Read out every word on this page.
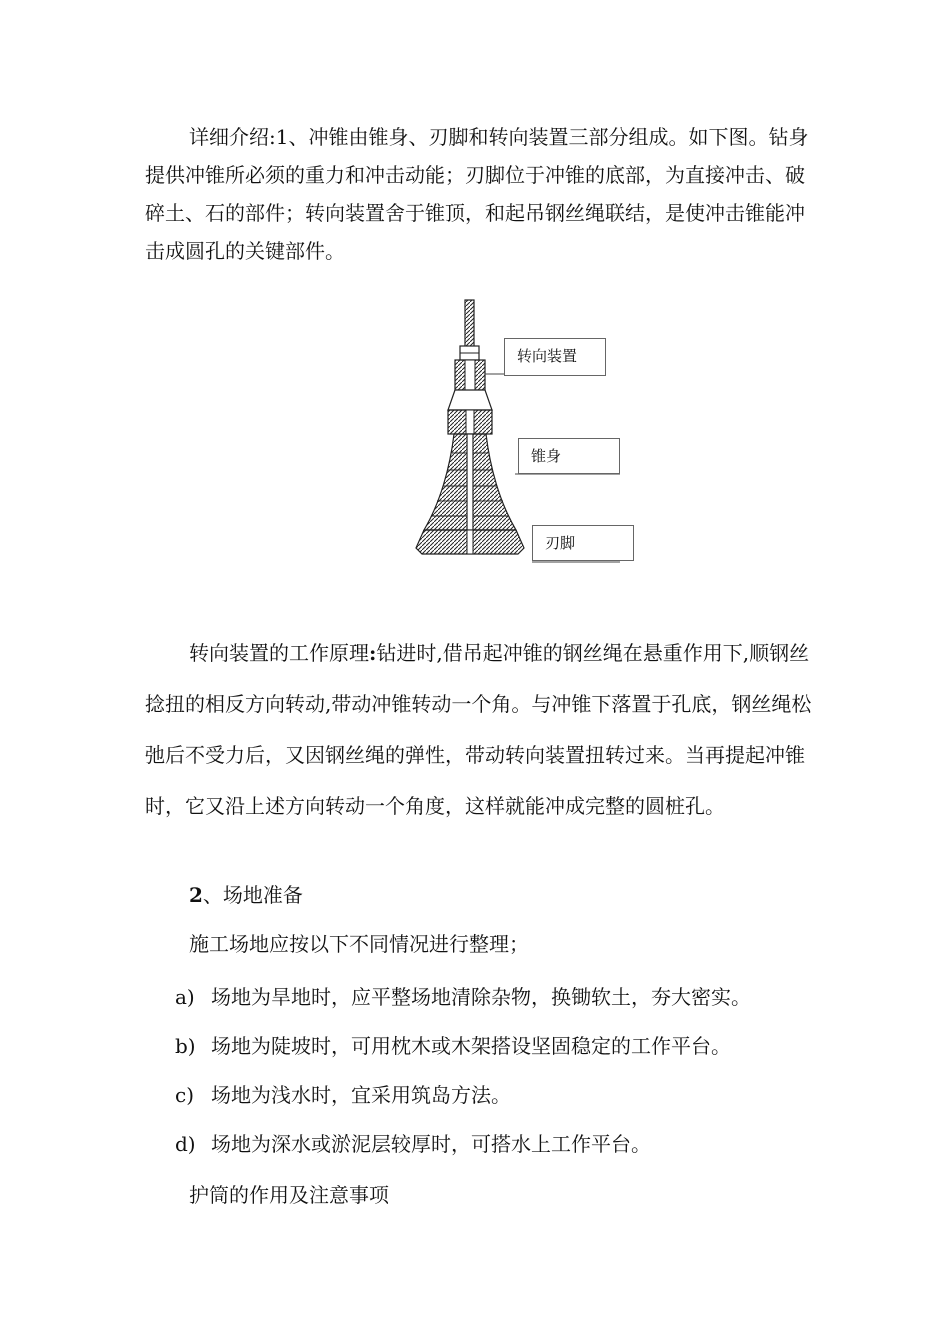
详细介绍:1、冲锥由锥身、刃脚和转向装置三部分组成。如下图。钻身提供冲锥所必须的重力和冲击动能；刃脚位于冲锥的底部，为直接冲击、破碎土、石的部件；转向装置舍于锥顶，和起吊钢丝绳联结，是使冲击锥能冲击成圆孔的关键部件。

转向装置
锥身
刃脚

转向装置的工作原理:钻进时,借吊起冲锥的钢丝绳在悬重作用下,顺钢丝捻扭的相反方向转动,带动冲锥转动一个角。与冲锥下落置于孔底，钢丝绳松弛后不受力后，又因钢丝绳的弹性，带动转向装置扭转过来。当再提起冲锥时，它又沿上述方向转动一个角度，这样就能冲成完整的圆桩孔。

2、场地准备
施工场地应按以下不同情况进行整理；
a) 场地为旱地时，应平整场地清除杂物，换锄软土，夯大密实。
b) 场地为陡坡时，可用枕木或木架搭设坚固稳定的工作平台。
c) 场地为浅水时，宜采用筑岛方法。
d) 场地为深水或淤泥层较厚时，可搭水上工作平台。
护筒的作用及注意事项
